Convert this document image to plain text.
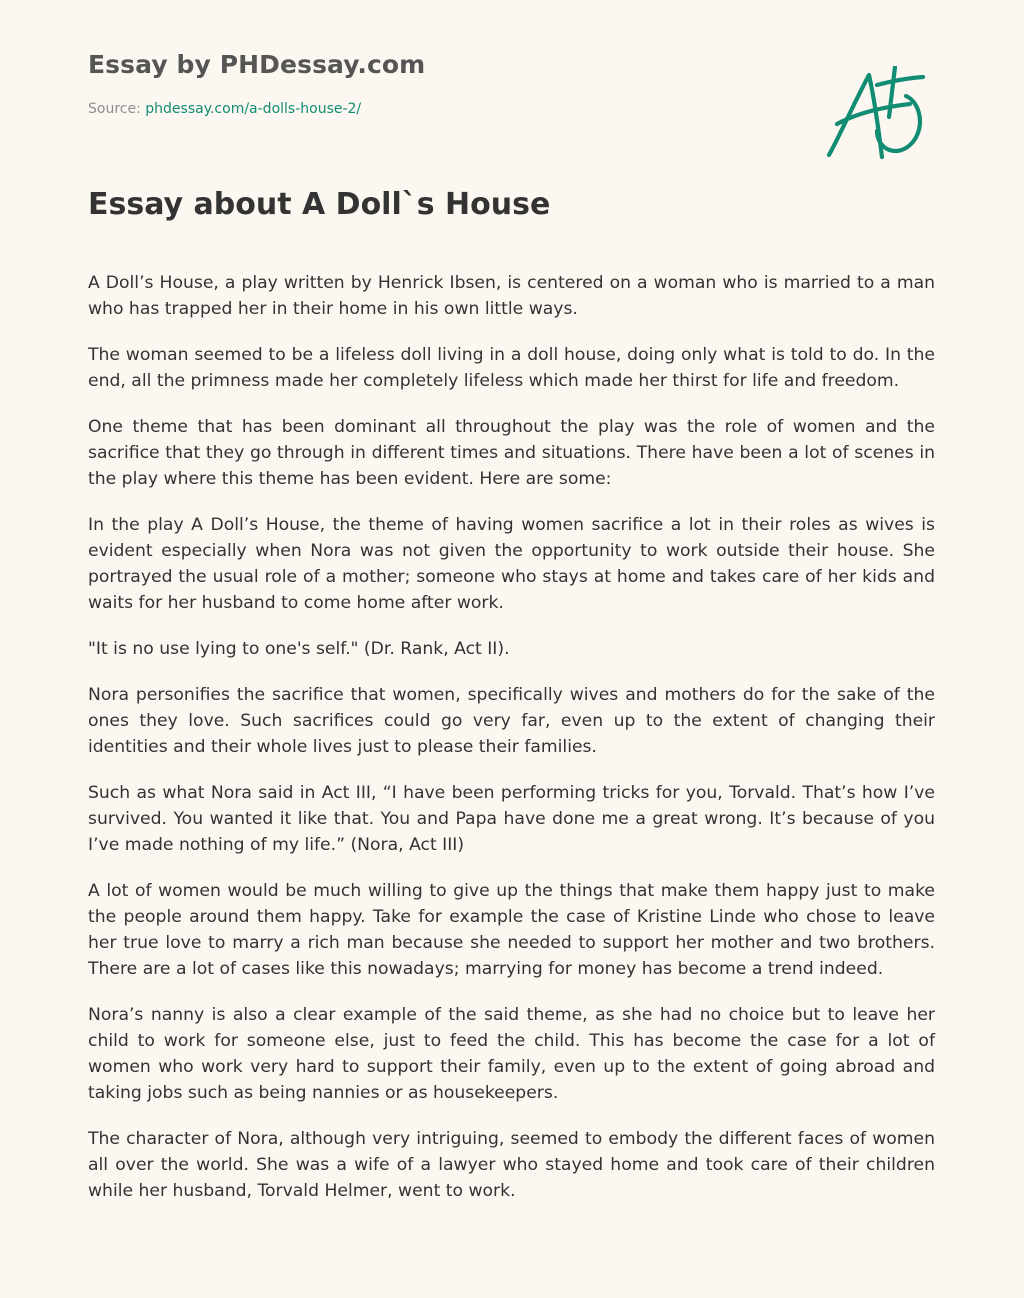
Essay by PHDessay.com
Source: phdessay.com/a-dolls-house-2/
Essay about A Doll`s House

A Doll’s House, a play written by Henrick Ibsen, is centered on a woman who is married to a man who has trapped her in their home in his own little ways.

The woman seemed to be a lifeless doll living in a doll house, doing only what is told to do. In the end, all the primness made her completely lifeless which made her thirst for life and freedom.

One theme that has been dominant all throughout the play was the role of women and the sacrifice that they go through in different times and situations. There have been a lot of scenes in the play where this theme has been evident. Here are some:

In the play A Doll’s House, the theme of having women sacrifice a lot in their roles as wives is evident especially when Nora was not given the opportunity to work outside their house. She portrayed the usual role of a mother; someone who stays at home and takes care of her kids and waits for her husband to come home after work.

"It is no use lying to one's self." (Dr. Rank, Act II).

Nora personifies the sacrifice that women, specifically wives and mothers do for the sake of the ones they love. Such sacrifices could go very far, even up to the extent of changing their identities and their whole lives just to please their families.

Such as what Nora said in Act III, “I have been performing tricks for you, Torvald. That’s how I’ve survived. You wanted it like that. You and Papa have done me a great wrong. It’s because of you I’ve made nothing of my life.” (Nora, Act III)

A lot of women would be much willing to give up the things that make them happy just to make the people around them happy. Take for example the case of Kristine Linde who chose to leave her true love to marry a rich man because she needed to support her mother and two brothers. There are a lot of cases like this nowadays; marrying for money has become a trend indeed.

Nora’s nanny is also a clear example of the said theme, as she had no choice but to leave her child to work for someone else, just to feed the child. This has become the case for a lot of women who work very hard to support their family, even up to the extent of going abroad and taking jobs such as being nannies or as housekeepers.

The character of Nora, although very intriguing, seemed to embody the different faces of women all over the world. She was a wife of a lawyer who stayed home and took care of their children while her husband, Torvald Helmer, went to work.
